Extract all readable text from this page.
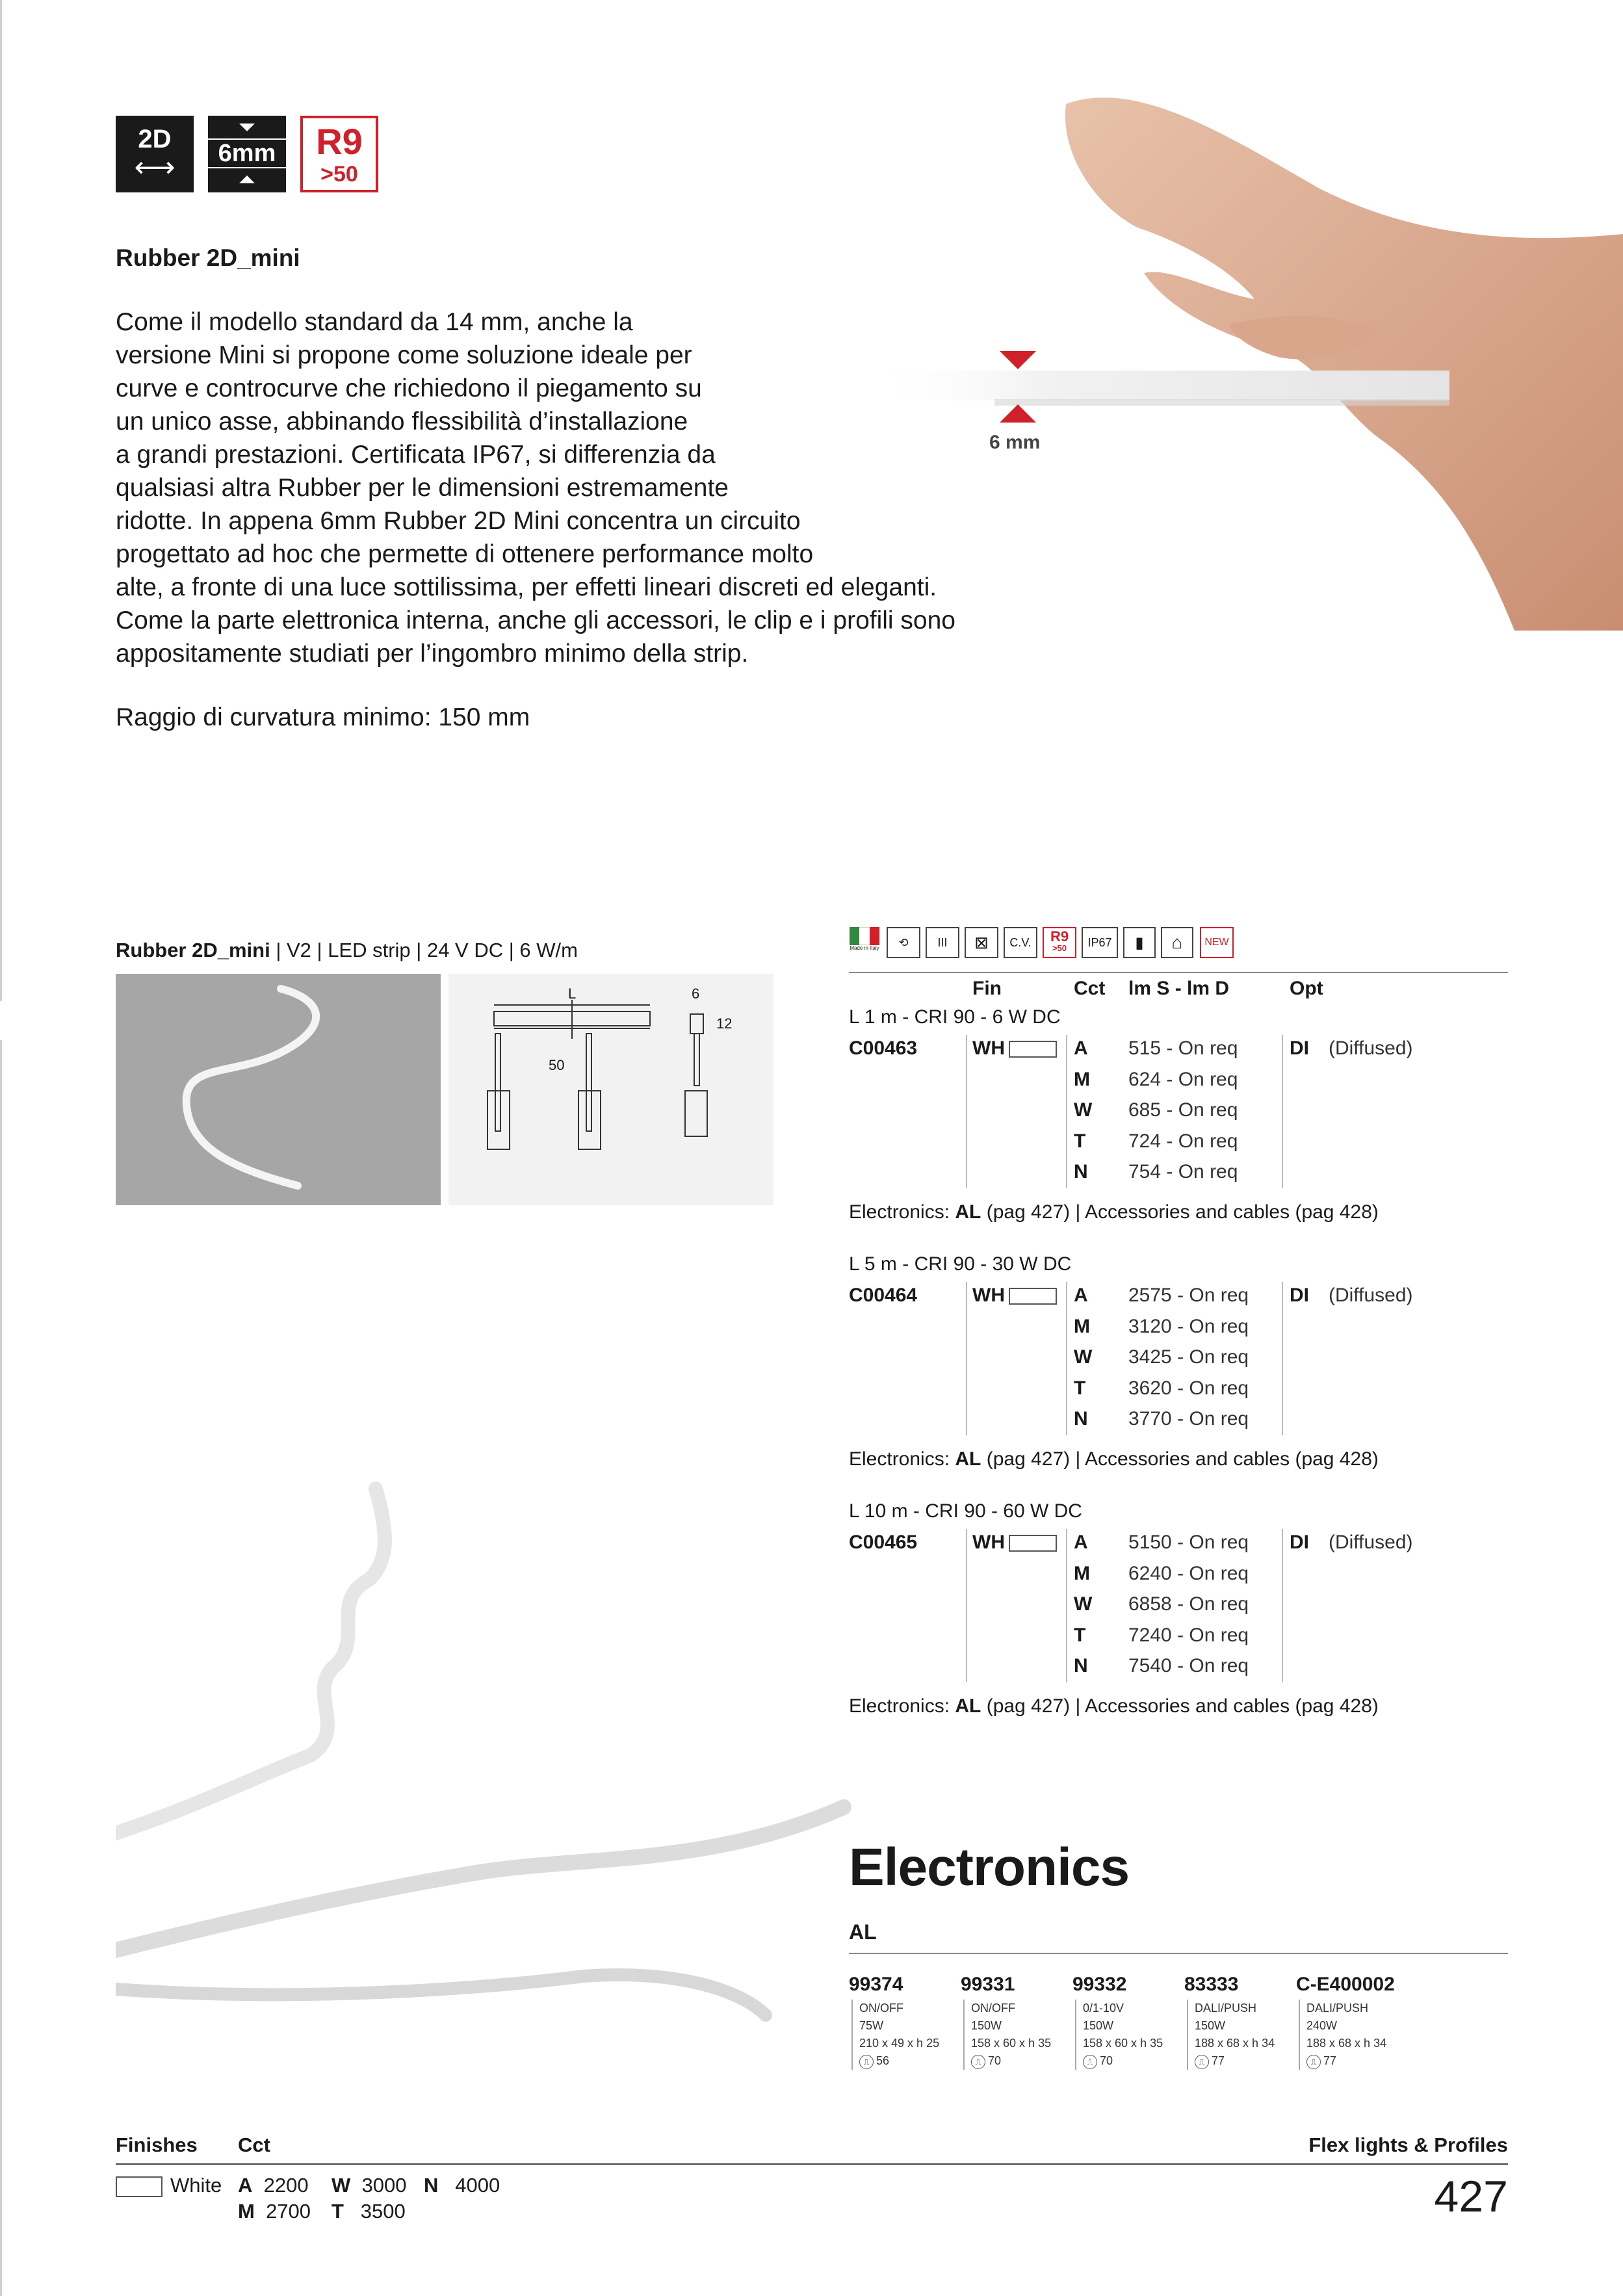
2D
⟷	6mm	R9
>50
Rubber 2D_mini
Come il modello standard da 14 mm, anche la
versione Mini si propone come soluzione ideale per
curve e controcurve che richiedono il piegamento su
un unico asse, abbinando flessibilità d’installazione
a grandi prestazioni. Certificata IP67, si differenzia da
qualsiasi altra Rubber per le dimensioni estremamente
ridotte. In appena 6mm Rubber 2D Mini concentra un circuito
progettato ad hoc che permette di ottenere performance molto
alte, a fronte di una luce sottilissima, per effetti lineari discreti ed eleganti.
Come la parte elettronica interna, anche gli accessori, le clip e i profili sono
appositamente studiati per l’ingombro minimo della strip.
Raggio di curvatura minimo: 150 mm
6 mm
Rubber 2D_mini | V2 | LED strip | 24 V DC | 6 W/m
L	6
12
50
Made in Italy	⟲	III	⊠	C.V. R9
>50 IP67	▮	⌂	NEW
Fin	Cct lm S - lm D	Opt
L 1 m - CRI 90 - 6 W DC
C00463	WH	A 515 - On req
M 624 - On req
W 685 - On req
T 724 - On req
N 754 - On req
DI (Diffused)
Electronics: AL (pag 427) | Accessories and cables (pag 428)
L 5 m - CRI 90 - 30 W DC
C00464	WH	A 2575 - On req
M 3120 - On req
W 3425 - On req
T 3620 - On req
N 3770 - On req
DI (Diffused)
Electronics: AL (pag 427) | Accessories and cables (pag 428)
L 10 m - CRI 90 - 60 W DC
C00465	WH	A 5150 - On req
M 6240 - On req
W 6858 - On req
T 7240 - On req
N 7540 - On req
DI (Diffused)
Electronics: AL (pag 427) | Accessories and cables (pag 428)
Electronics
AL
99374
ON/OFF
75W
210 x 49 x h 25
⎍ 56
99331
ON/OFF
150W
158 x 60 x h 35
⎍ 70
99332
0/1-10V
150W
158 x 60 x h 35
⎍ 70
83333
DALI/PUSH
150W
188 x 68 x h 34
⎍ 77
C-E400002
DALI/PUSH
240W
188 x 68 x h 34
⎍ 77
Finishes Cct	Flex lights & Profiles
White A 2200 W 3000 N 4000
M 2700 T 3500	427
